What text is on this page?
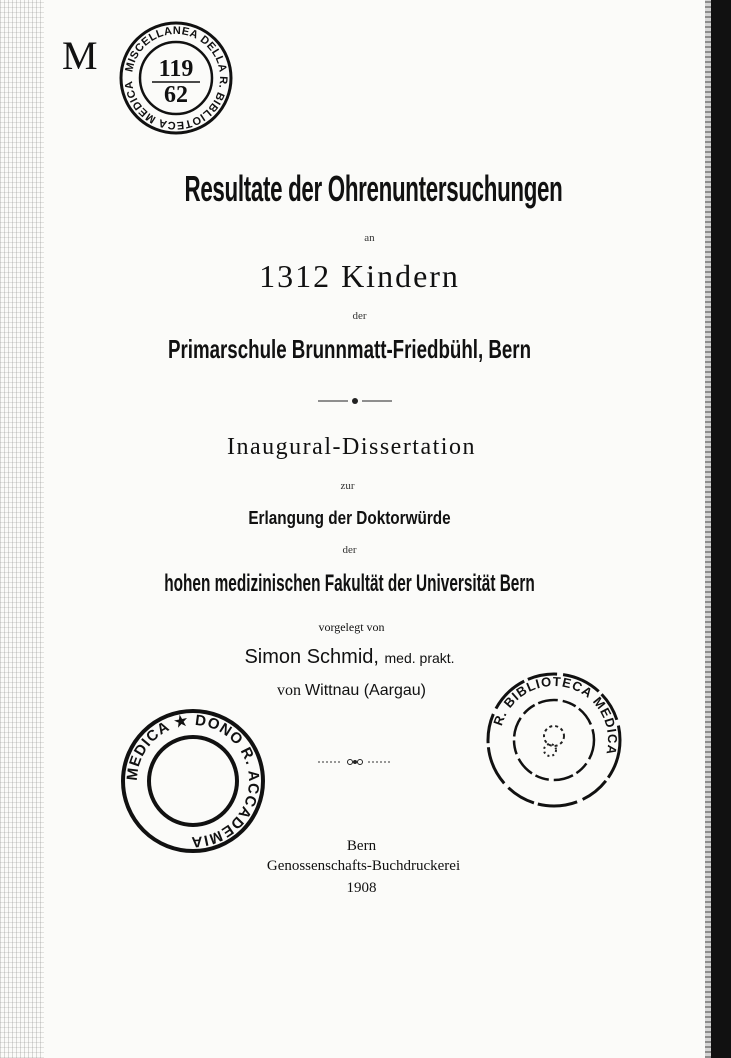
M MISCELLANEA DELLA R. BIBLIOTECA MEDICA
119
62
Resultate der Ohrenuntersuchungen
an
1312 Kindern
der
Primarschule Brunnmatt-Friedbühl, Bern
Inaugural-Dissertation
zur
Erlangung der Doktorwürde
der
hohen medizinischen Fakultät der Universität Bern
vorgelegt von
Simon Schmid, med. prakt.
von Wittnau (Aargau)
MEDICA ★ DONO R. ACCADEMIA
R. BIBLIOTECA MEDICA
Bern
Genossenschafts-Buchdruckerei
1908
